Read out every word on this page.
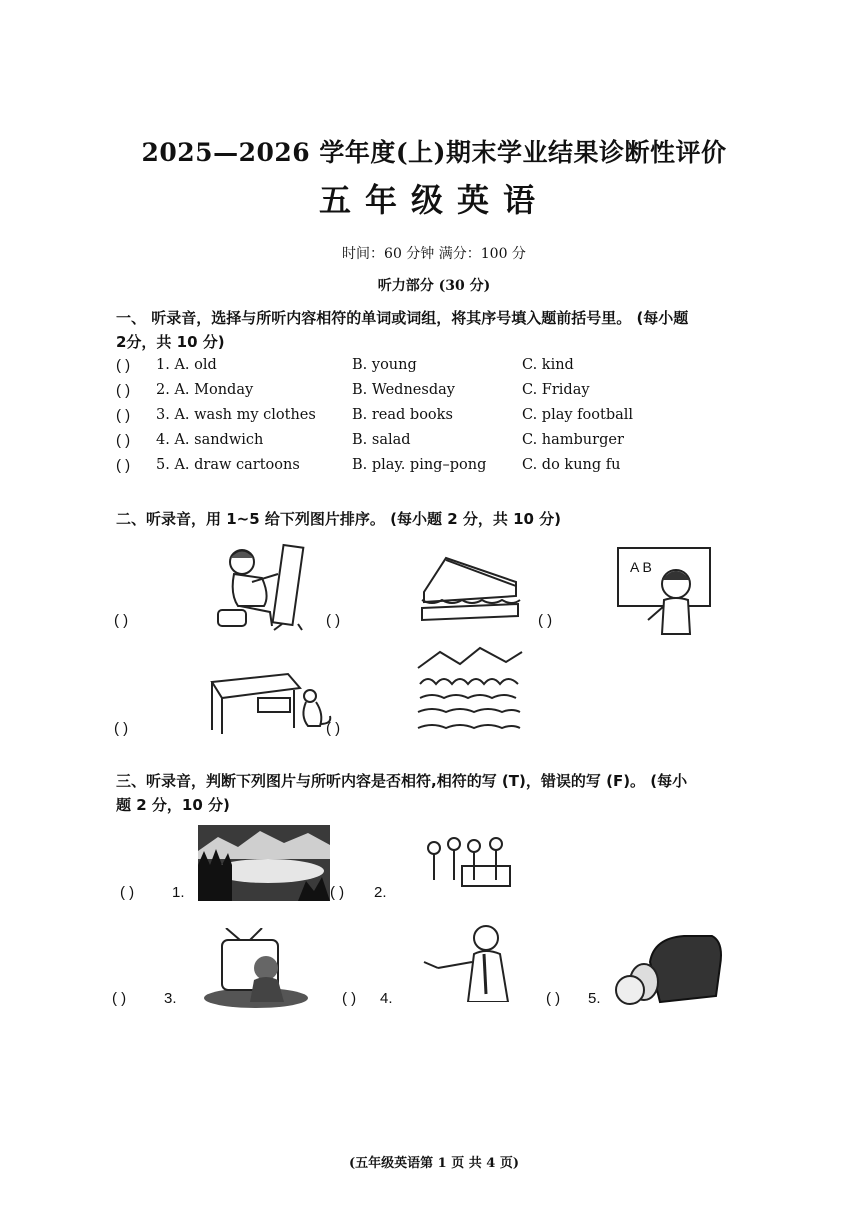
2025—2026 学年度(上)期末学业结果诊断性评价
五年级英语
时间：60 分钟 满分：100 分
听力部分 (30 分)
一、 听录音，选择与所听内容相符的单词或词组，将其序号填入题前括号里。 (每小题
2分，共 10 分)
( ) 1. A. old	B. young	C. kind
( ) 2. A. Monday	B. Wednesday	C. Friday
( ) 3. A. wash my clothes B. read books	C. play football
( ) 4. A. sandwich	B. salad	C. hamburger
( ) 5. A. draw cartoons	B. play. ping–pong C. do kung fu
二、听录音，用 1~5 给下列图片排序。 (每小题 2 分，共 10 分)
( )	( )	( )
( )	( )
A B
三、听录音，判断下列图片与所听内容是否相符,相符的写 (T)，错误的写 (F)。 (每小
题 2 分，10 分)
( )	1.	( ) 2.
( )	3.	( ) 4.	( ) 5.
(五年级英语第 1 页 共 4 页)
